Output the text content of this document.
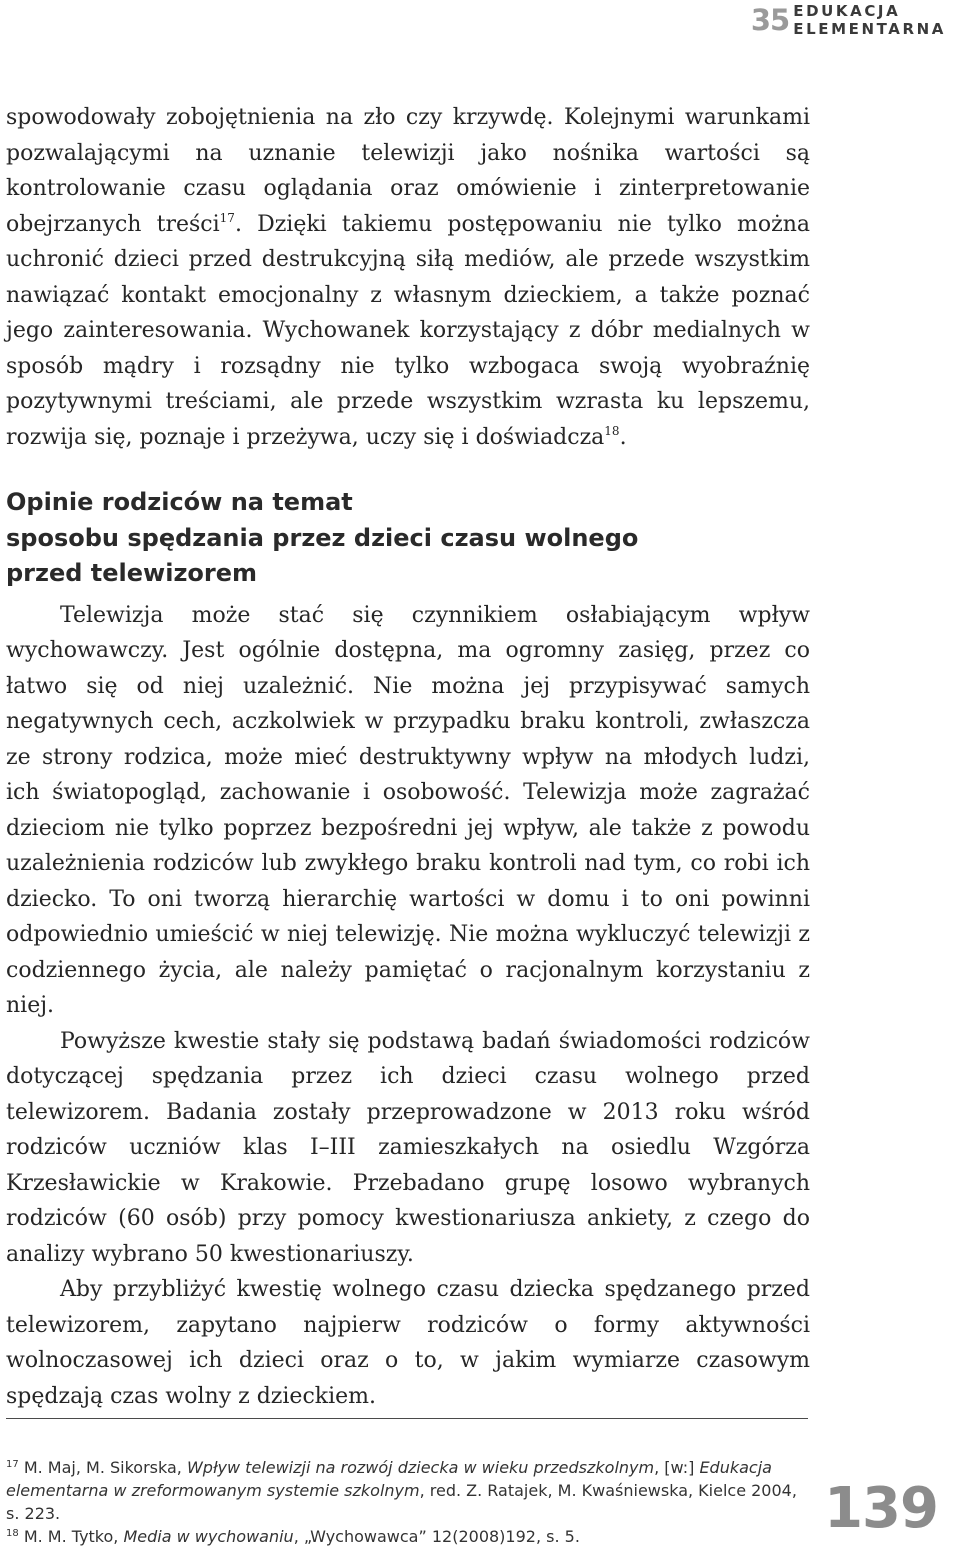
35 EDUKACJA
ELEMENTARNA

spowodowały zobojętnienia na zło czy krzywdę. Kolejnymi warunkami pozwalającymi na uznanie telewizji jako nośnika wartości są kontrolowanie czasu oglądania oraz omówienie i zinterpretowanie obejrzanych treści$^{17}$. Dzięki takiemu postępowaniu nie tylko można uchronić dzieci przed destrukcyjną siłą mediów, ale przede wszystkim nawiązać kontakt emocjonalny z własnym dzieckiem, a także poznać jego zainteresowania. Wychowanek korzystający z dóbr medialnych w sposób mądry i rozsądny nie tylko wzbogaca swoją wyobraźnię pozytywnymi treściami, ale przede wszystkim wzrasta ku lepszemu, rozwija się, poznaje i przeżywa, uczy się i doświadcza$^{18}$.

Opinie rodziców na temat
sposobu spędzania przez dzieci czasu wolnego
przed telewizorem

Telewizja może stać się czynnikiem osłabiającym wpływ wychowawczy. Jest ogólnie dostępna, ma ogromny zasięg, przez co łatwo się od niej uzależnić. Nie można jej przypisywać samych negatywnych cech, aczkolwiek w przypadku braku kontroli, zwłaszcza ze strony rodzica, może mieć destruktywny wpływ na młodych ludzi, ich światopogląd, zachowanie i osobowość. Telewizja może zagrażać dzieciom nie tylko poprzez bezpośredni jej wpływ, ale także z powodu uzależnienia rodziców lub zwykłego braku kontroli nad tym, co robi ich dziecko. To oni tworzą hierarchię wartości w domu i to oni powinni odpowiednio umieścić w niej telewizję. Nie można wykluczyć telewizji z codziennego życia, ale należy pamiętać o racjonalnym korzystaniu z niej.

Powyższe kwestie stały się podstawą badań świadomości rodziców dotyczącej spędzania przez ich dzieci czasu wolnego przed telewizorem. Badania zostały przeprowadzone w 2013 roku wśród rodziców uczniów klas I–III zamieszkałych na osiedlu Wzgórza Krzesławickie w Krakowie. Przebadano grupę losowo wybranych rodziców (60 osób) przy pomocy kwestionariusza ankiety, z czego do analizy wybrano 50 kwestionariuszy.

Aby przybliżyć kwestię wolnego czasu dziecka spędzanego przed telewizorem, zapytano najpierw rodziców o formy aktywności wolnoczasowej ich dzieci oraz o to, w jakim wymiarze czasowym spędzają czas wolny z dzieckiem.

$^{17}$ M. Maj, M. Sikorska, Wpływ telewizji na rozwój dziecka w wieku przedszkolnym, [w:] Edukacja elementarna w zreformowanym systemie szkolnym, red. Z. Ratajek, M. Kwaśniewska, Kielce 2004, s. 223.

$^{18}$ M. M. Tytko, Media w wychowaniu, „Wychowawca” 12(2008)192, s. 5.	139
